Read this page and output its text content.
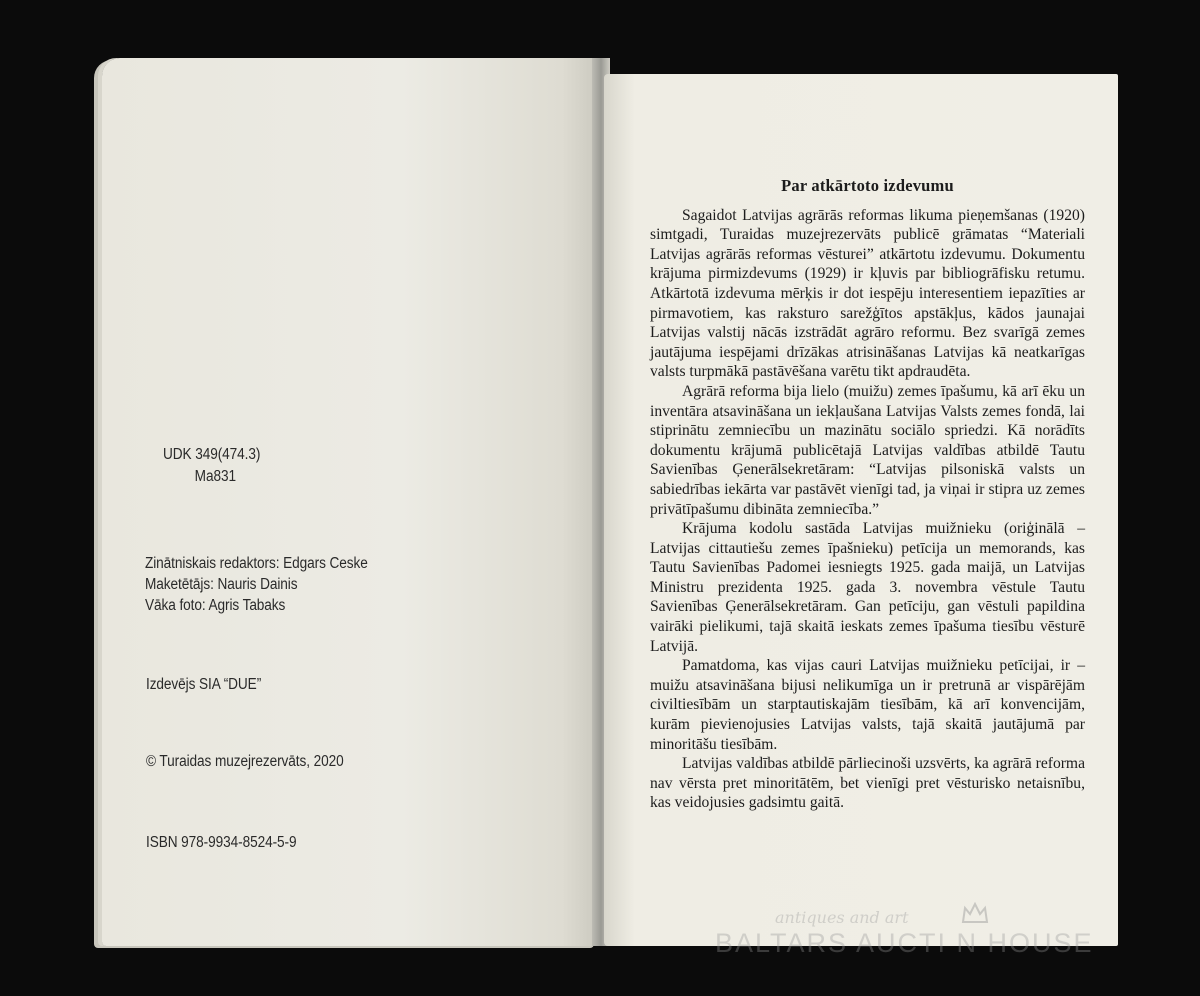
UDK 349(474.3)
Ma831
Zinātniskais redaktors: Edgars Ceske
Maketētājs: Nauris Dainis
Vāka foto: Agris Tabaks
Izdevējs SIA “DUE”
© Turaidas muzejrezervāts, 2020
ISBN 978-9934-8524-5-9
Par atkārtoto izdevumu

Sagaidot Latvijas agrārās reformas likuma pieņemšanas (1920) simtgadi, Turaidas muzejrezervāts publicē grāmatas “Materiali Latvijas agrārās reformas vēsturei” atkārtotu izdevumu. Dokumentu krājuma pirmizdevums (1929) ir kļuvis par bibliogrāfisku retumu. Atkārtotā izdevuma mērķis ir dot iespēju interesentiem iepazīties ar pirmavotiem, kas raksturo sarežģītos apstākļus, kādos jaunajai Latvijas valstij nācās izstrādāt agrāro reformu. Bez svarīgā zemes jautājuma iespējami drīzākas atrisināšanas Latvijas kā neatkarīgas valsts turpmākā pastāvēšana varētu tikt apdraudēta.

Agrārā reforma bija lielo (muižu) zemes īpašumu, kā arī ēku un inventāra atsavināšana un iekļaušana Latvijas Valsts zemes fondā, lai stiprinātu zemniecību un mazinātu sociālo spriedzi. Kā norādīts dokumentu krājumā publicētajā Latvijas valdības atbildē Tautu Savienības Ģenerālsekretāram: “Latvijas pilsoniskā valsts un sabiedrības iekārta var pastāvēt vienīgi tad, ja viņai ir stipra uz zemes privātīpašumu dibināta zemniecība.”

Krājuma kodolu sastāda Latvijas muižnieku (oriģinālā – Latvijas cittautiešu zemes īpašnieku) petīcija un memorands, kas Tautu Savienības Padomei iesniegts 1925. gada maijā, un Latvijas Ministru prezidenta 1925. gada 3. novembra vēstule Tautu Savienības Ģenerālsekretāram. Gan petīciju, gan vēstuli papildina vairāki pielikumi, tajā skaitā ieskats zemes īpašuma tiesību vēsturē Latvijā.

Pamatdoma, kas vijas cauri Latvijas muižnieku petīcijai, ir – muižu atsavināšana bijusi nelikumīga un ir pretrunā ar vispārējām civiltiesībām un starptautiskajām tiesībām, kā arī konvencijām, kurām pievienojusies Latvijas valsts, tajā skaitā jautājumā par minoritāšu tiesībām.

Latvijas valdības atbildē pārliecinoši uzsvērts, ka agrārā reforma nav vērsta pret minoritātēm, bet vienīgi pret vēsturisko netaisnību, kas veidojusies gadsimtu gaitā.

antiques and art
BALTARS AUCTI N HOUSE
